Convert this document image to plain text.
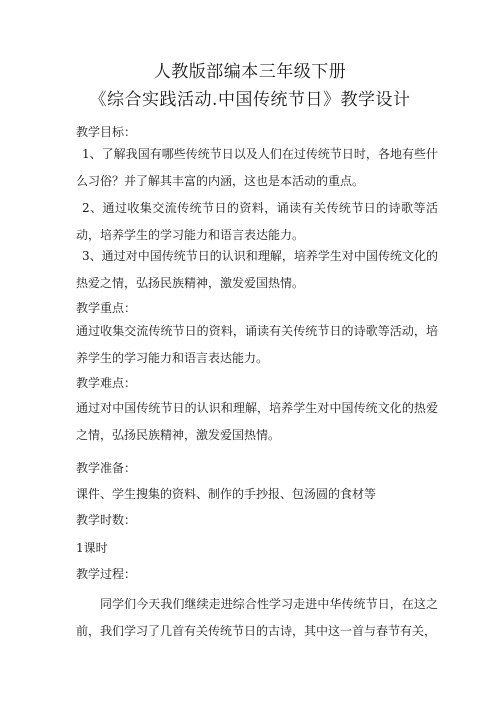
人教版部编本三年级下册
《综合实践活动.中国传统节日》教学设计
教学目标：
1、了解我国有哪些传统节日以及人们在过传统节日时，各地有些什么习俗？并了解其丰富的内涵，这也是本活动的重点。
2、通过收集交流传统节日的资料，诵读有关传统节日的诗歌等活动，培养学生的学习能力和语言表达能力。
3、通过对中国传统节日的认识和理解，培养学生对中国传统文化的热爱之情，弘扬民族精神，激发爱国热情。
教学重点：
通过收集交流传统节日的资料，诵读有关传统节日的诗歌等活动，培养学生的学习能力和语言表达能力。
教学难点：
通过对中国传统节日的认识和理解，培养学生对中国传统文化的热爱之情，弘扬民族精神，激发爱国热情。
教学准备：
课件、学生搜集的资料、制作的手抄报、包汤圆的食材等
教学时数：
1课时
教学过程：
同学们今天我们继续走进综合性学习走进中华传统节日，在这之前，我们学习了几首有关传统节日的古诗，其中这一首与春节有关，
